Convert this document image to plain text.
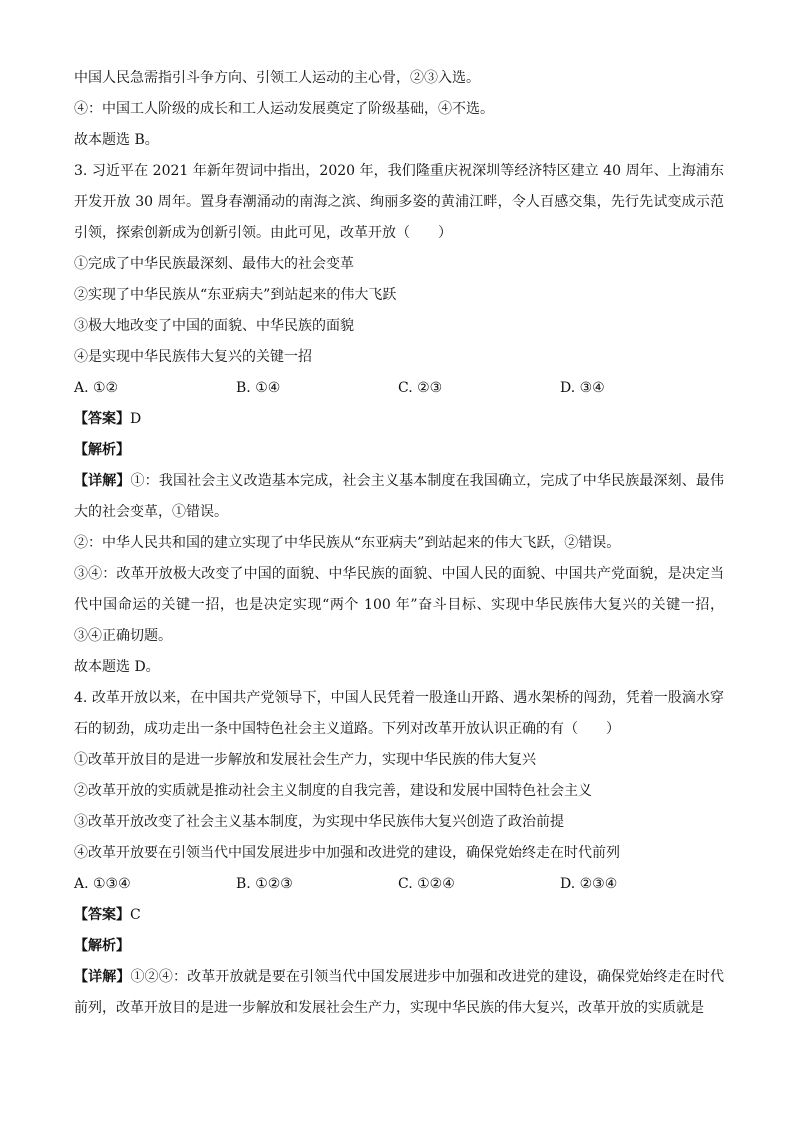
中国人民急需指引斗争方向、引领工人运动的主心骨，②③入选。
④：中国工人阶级的成长和工人运动发展奠定了阶级基础，④不选。
故本题选 B。
3. 习近平在 2021 年新年贺词中指出，2020 年，我们隆重庆祝深圳等经济特区建立 40 周年、上海浦东开发开放 30 周年。置身春潮涌动的南海之滨、绚丽多姿的黄浦江畔，令人百感交集，先行先试变成示范引领，探索创新成为创新引领。由此可见，改革开放（　　）
①完成了中华民族最深刻、最伟大的社会变革
②实现了中华民族从“东亚病夫”到站起来的伟大飞跃
③极大地改变了中国的面貌、中华民族的面貌
④是实现中华民族伟大复兴的关键一招
A. ①②	B. ①④	C. ②③	D. ③④
【答案】D
【解析】
【详解】①：我国社会主义改造基本完成，社会主义基本制度在我国确立，完成了中华民族最深刻、最伟大的社会变革，①错误。
②：中华人民共和国的建立实现了中华民族从“东亚病夫”到站起来的伟大飞跃，②错误。
③④：改革开放极大改变了中国的面貌、中华民族的面貌、中国人民的面貌、中国共产党面貌，是决定当代中国命运的关键一招，也是决定实现“两个 100 年”奋斗目标、实现中华民族伟大复兴的关键一招，③④正确切题。
故本题选 D。
4. 改革开放以来，在中国共产党领导下，中国人民凭着一股逢山开路、遇水架桥的闯劲，凭着一股滴水穿石的韧劲，成功走出一条中国特色社会主义道路。下列对改革开放认识正确的有（　　）
①改革开放目的是进一步解放和发展社会生产力，实现中华民族的伟大复兴
②改革开放的实质就是推动社会主义制度的自我完善，建设和发展中国特色社会主义
③改革开放改变了社会主义基本制度，为实现中华民族伟大复兴创造了政治前提
④改革开放要在引领当代中国发展进步中加强和改进党的建设，确保党始终走在时代前列
A. ①③④	B. ①②③	C. ①②④	D. ②③④
【答案】C
【解析】
【详解】①②④：改革开放就是要在引领当代中国发展进步中加强和改进党的建设，确保党始终走在时代前列，改革开放目的是进一步解放和发展社会生产力，实现中华民族的伟大复兴，改革开放的实质就是
